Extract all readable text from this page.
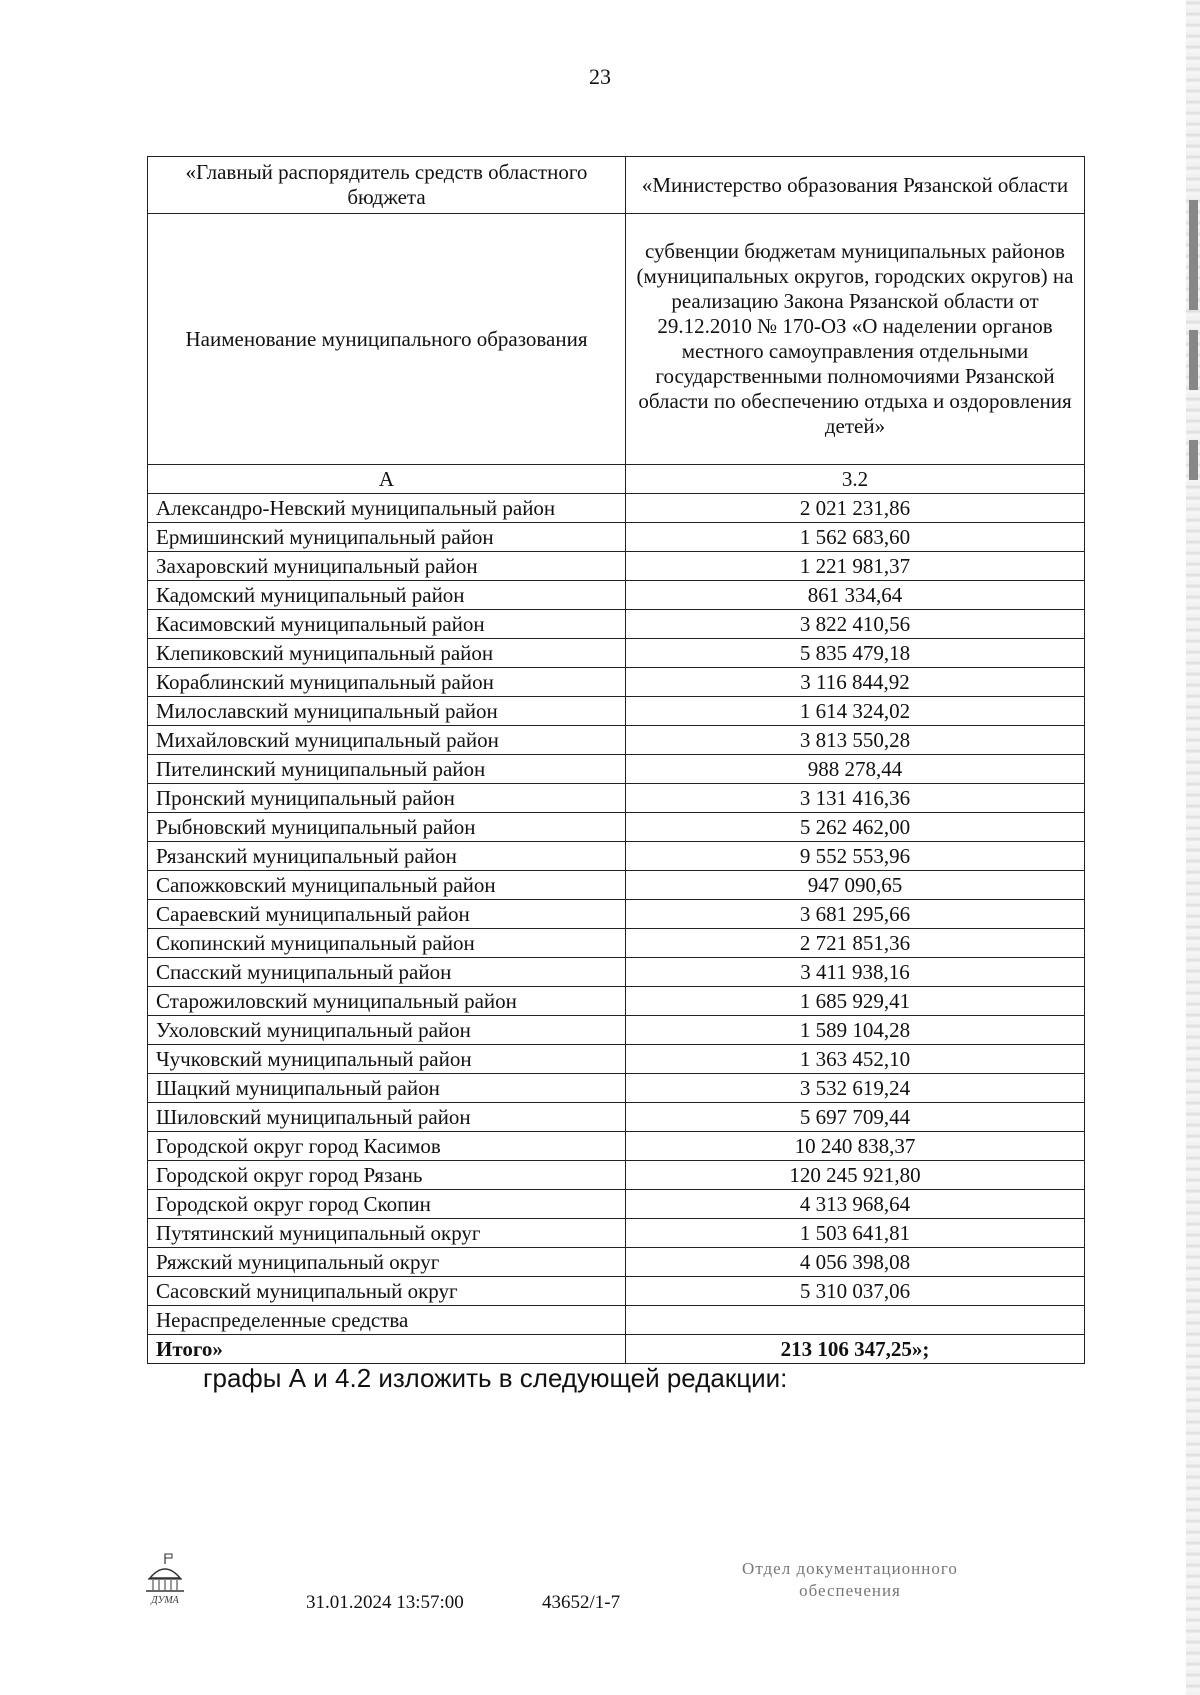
23
«Главный распорядитель средств областного бюджета	«Министерство образования Рязанской области
Наименование муниципального образования	субвенции бюджетам муниципальных районов (муниципальных округов, городских округов) на реализацию Закона Рязанской области от 29.12.2010 № 170-ОЗ «О наделении органов местного самоуправления отдельными государственными полномочиями Рязанской области по обеспечению отдыха и оздоровления детей»
А	3.2
Александро-Невский муниципальный район	2 021 231,86
Ермишинский муниципальный район	1 562 683,60
Захаровский муниципальный район	1 221 981,37
Кадомский муниципальный район	861 334,64
Касимовский муниципальный район	3 822 410,56
Клепиковский муниципальный район	5 835 479,18
Кораблинский муниципальный район	3 116 844,92
Милославский муниципальный район	1 614 324,02
Михайловский муниципальный район	3 813 550,28
Пителинский муниципальный район	988 278,44
Пронский муниципальный район	3 131 416,36
Рыбновский муниципальный район	5 262 462,00
Рязанский муниципальный район	9 552 553,96
Сапожковский муниципальный район	947 090,65
Сараевский муниципальный район	3 681 295,66
Скопинский муниципальный район	2 721 851,36
Спасский муниципальный район	3 411 938,16
Старожиловский муниципальный район	1 685 929,41
Ухоловский муниципальный район	1 589 104,28
Чучковский муниципальный район	1 363 452,10
Шацкий муниципальный район	3 532 619,24
Шиловский муниципальный район	5 697 709,44
Городской округ город Касимов	10 240 838,37
Городской округ город Рязань	120 245 921,80
Городской округ город Скопин	4 313 968,64
Путятинский муниципальный округ	1 503 641,81
Ряжский муниципальный округ	4 056 398,08
Сасовский муниципальный округ	5 310 037,06
Нераспределенные средства	
Итого»	213 106 347,25»;
графы А и 4.2 изложить в следующей редакции:
ДУМА	31.01.2024 13:57:00	43652/1-7
Отдел документационного
обеспечения
